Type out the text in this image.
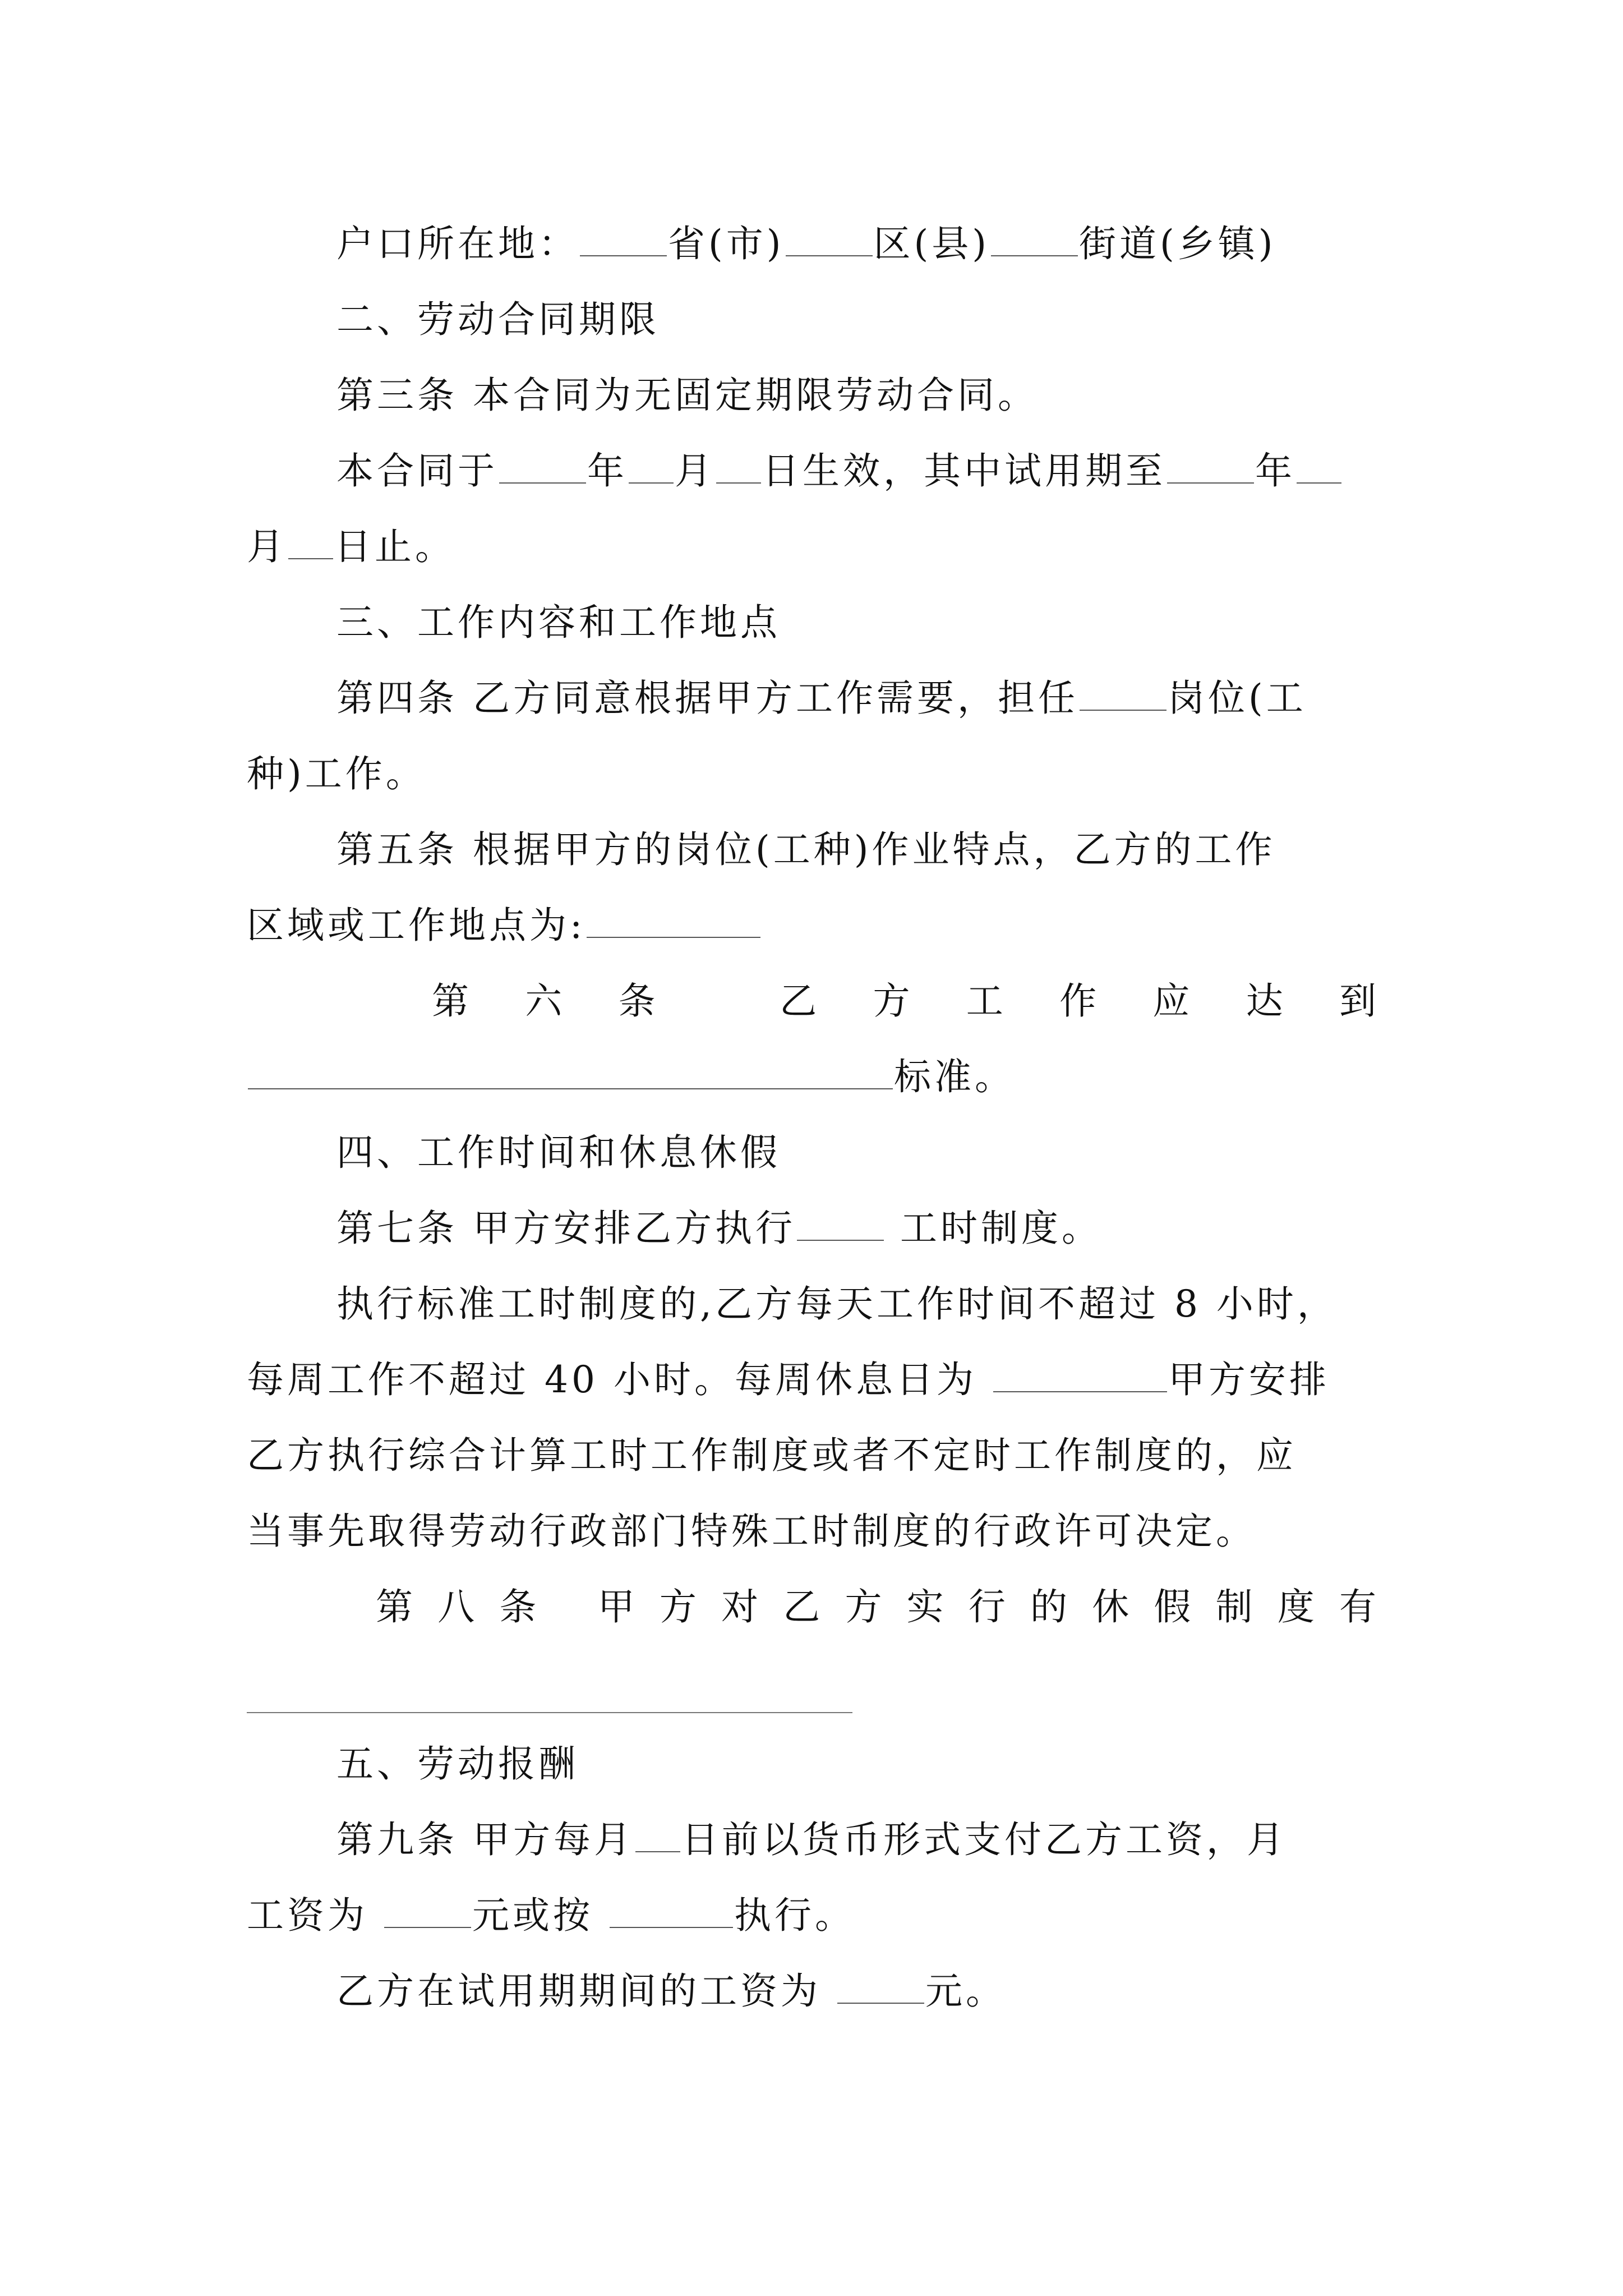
户口所在地： 省(市) 区(县) 街道(乡镇)
二、劳动合同期限
第三条 本合同为无固定期限劳动合同。
本合同于 年 月 日生效，其中试用期至 年
月 日止。
三、工作内容和工作地点
第四条 乙方同意根据甲方工作需要，担任 岗位(工
种)工作。
第五条 根据甲方的岗位(工种)作业特点，乙方的工作
区域或工作地点为:
第六条 乙方工作应达到
标准。
四、工作时间和休息休假
第七条 甲方安排乙方执行	工时制度。
执行标准工时制度的,乙方每天工作时间不超过 8 小时，
每周工作不超过 40 小时。每周休息日为	甲方安排
乙方执行综合计算工时工作制度或者不定时工作制度的，应
当事先取得劳动行政部门特殊工时制度的行政许可决定。
第八条 甲方对乙方实行的休假制度有
五、劳动报酬
第九条 甲方每月 日前以货币形式支付乙方工资，月
工资为	元或按	执行。
乙方在试用期期间的工资为	元。
